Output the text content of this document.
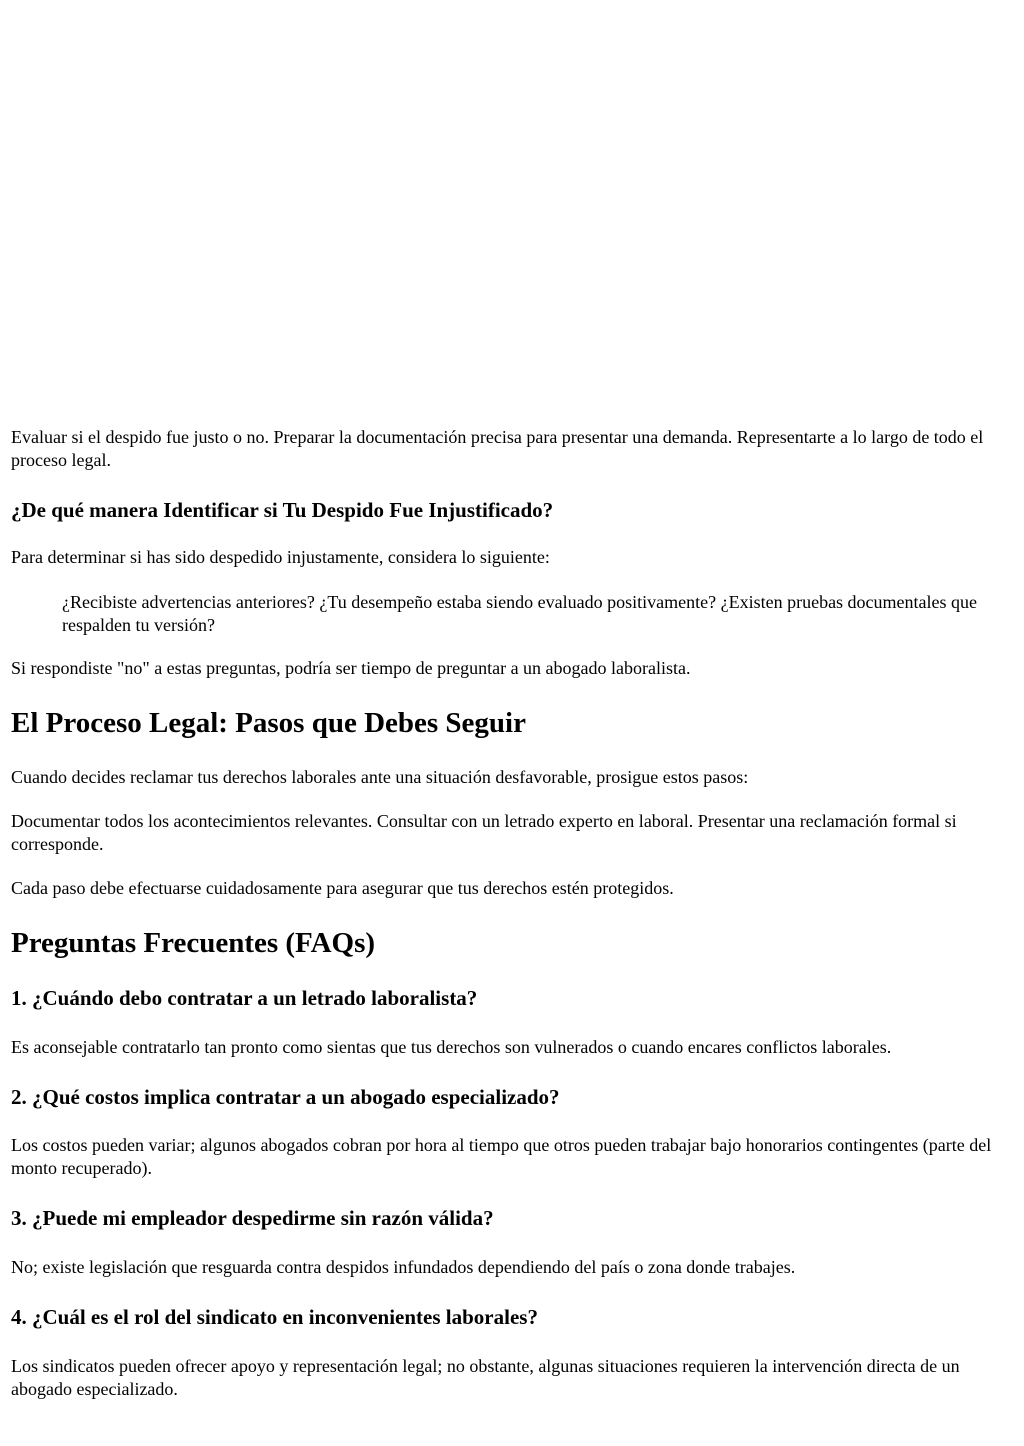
Evaluar si el despido fue justo o no. Preparar la documentación precisa para presentar una demanda. Representarte a lo largo de todo el proceso legal.

¿De qué manera Identificar si Tu Despido Fue Injustificado?

Para determinar si has sido despedido injustamente, considera lo siguiente:

¿Recibiste advertencias anteriores? ¿Tu desempeño estaba siendo evaluado positivamente? ¿Existen pruebas documentales que respalden tu versión?

Si respondiste "no" a estas preguntas, podría ser tiempo de preguntar a un abogado laboralista.

El Proceso Legal: Pasos que Debes Seguir

Cuando decides reclamar tus derechos laborales ante una situación desfavorable, prosigue estos pasos:

Documentar todos los acontecimientos relevantes. Consultar con un letrado experto en laboral. Presentar una reclamación formal si corresponde.

Cada paso debe efectuarse cuidadosamente para asegurar que tus derechos estén protegidos.

Preguntas Frecuentes (FAQs)
1. ¿Cuándo debo contratar a un letrado laboralista?

Es aconsejable contratarlo tan pronto como sientas que tus derechos son vulnerados o cuando encares conflictos laborales.

2. ¿Qué costos implica contratar a un abogado especializado?

Los costos pueden variar; algunos abogados cobran por hora al tiempo que otros pueden trabajar bajo honorarios contingentes (parte del monto recuperado).

3. ¿Puede mi empleador despedirme sin razón válida?

No; existe legislación que resguarda contra despidos infundados dependiendo del país o zona donde trabajes.

4. ¿Cuál es el rol del sindicato en inconvenientes laborales?

Los sindicatos pueden ofrecer apoyo y representación legal; no obstante, algunas situaciones requieren la intervención directa de un abogado especializado.
